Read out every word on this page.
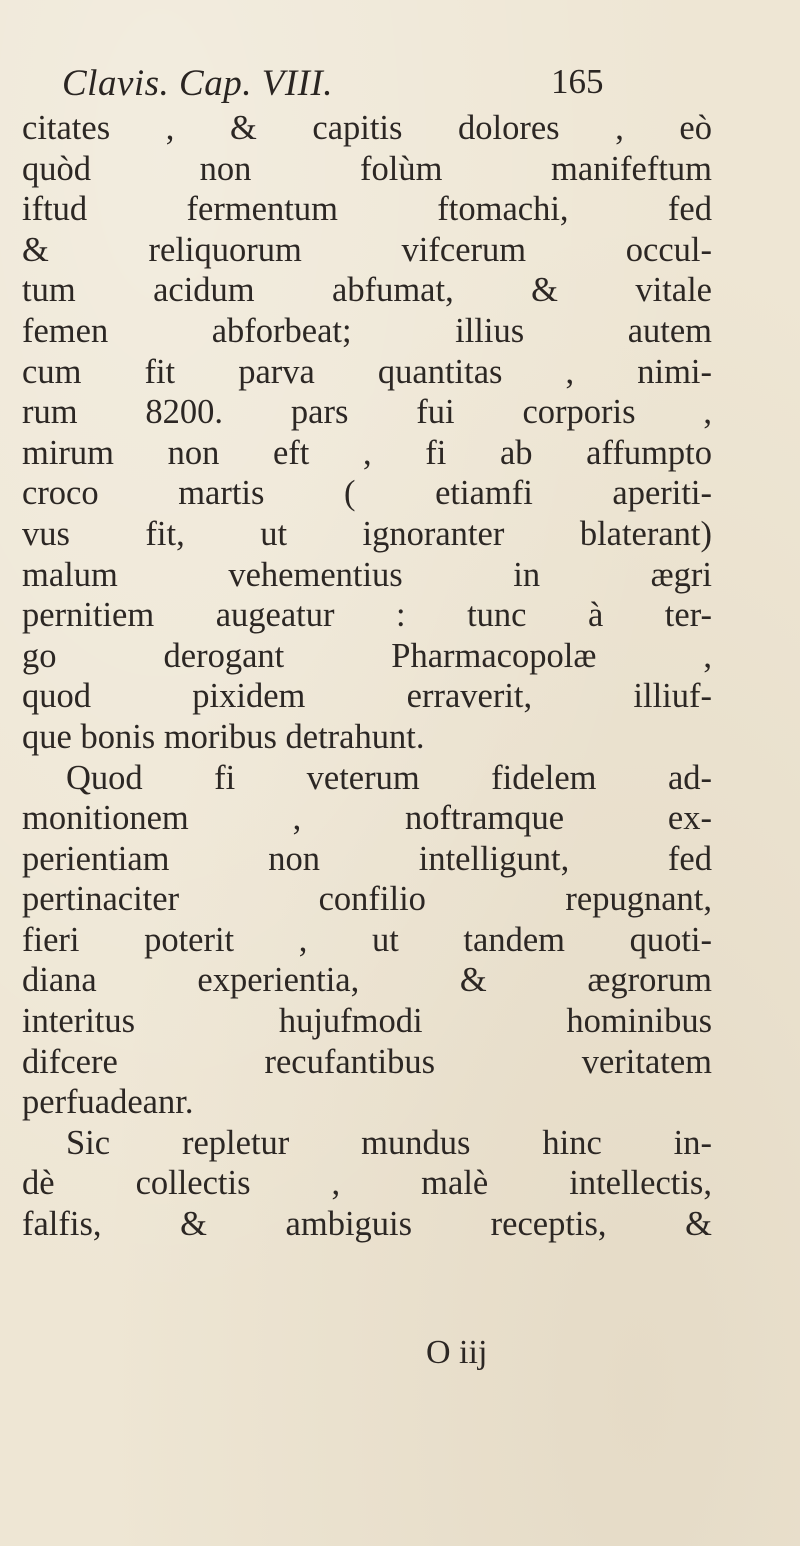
Clavis. Cap. VIII.	165
citates , & capitis dolores , eò
quòd non folùm manifeftum
iftud fermentum ftomachi, fed
& reliquorum vifcerum occul-
tum acidum abfumat, & vitale
femen abforbeat; illius autem
cum fit parva quantitas , nimi-
rum 8200. pars fui corporis ,
mirum non eft , fi ab affumpto
croco martis ( etiamfi aperiti-
vus fit, ut ignoranter blaterant)
malum vehementius in ægri
pernitiem augeatur : tunc à ter-
go derogant Pharmacopolæ ,
quod pixidem erraverit, illiuf-
que bonis moribus detrahunt.
Quod fi veterum fidelem ad-
monitionem , noftramque ex-
perientiam non intelligunt, fed
pertinaciter confilio repugnant,
fieri poterit , ut tandem quoti-
diana experientia, & ægrorum
interitus hujufmodi hominibus
difcere recufantibus veritatem
perfuadeanr.
Sic repletur mundus hinc in-
dè collectis , malè intellectis,
falfis, & ambiguis receptis, &
O iij
